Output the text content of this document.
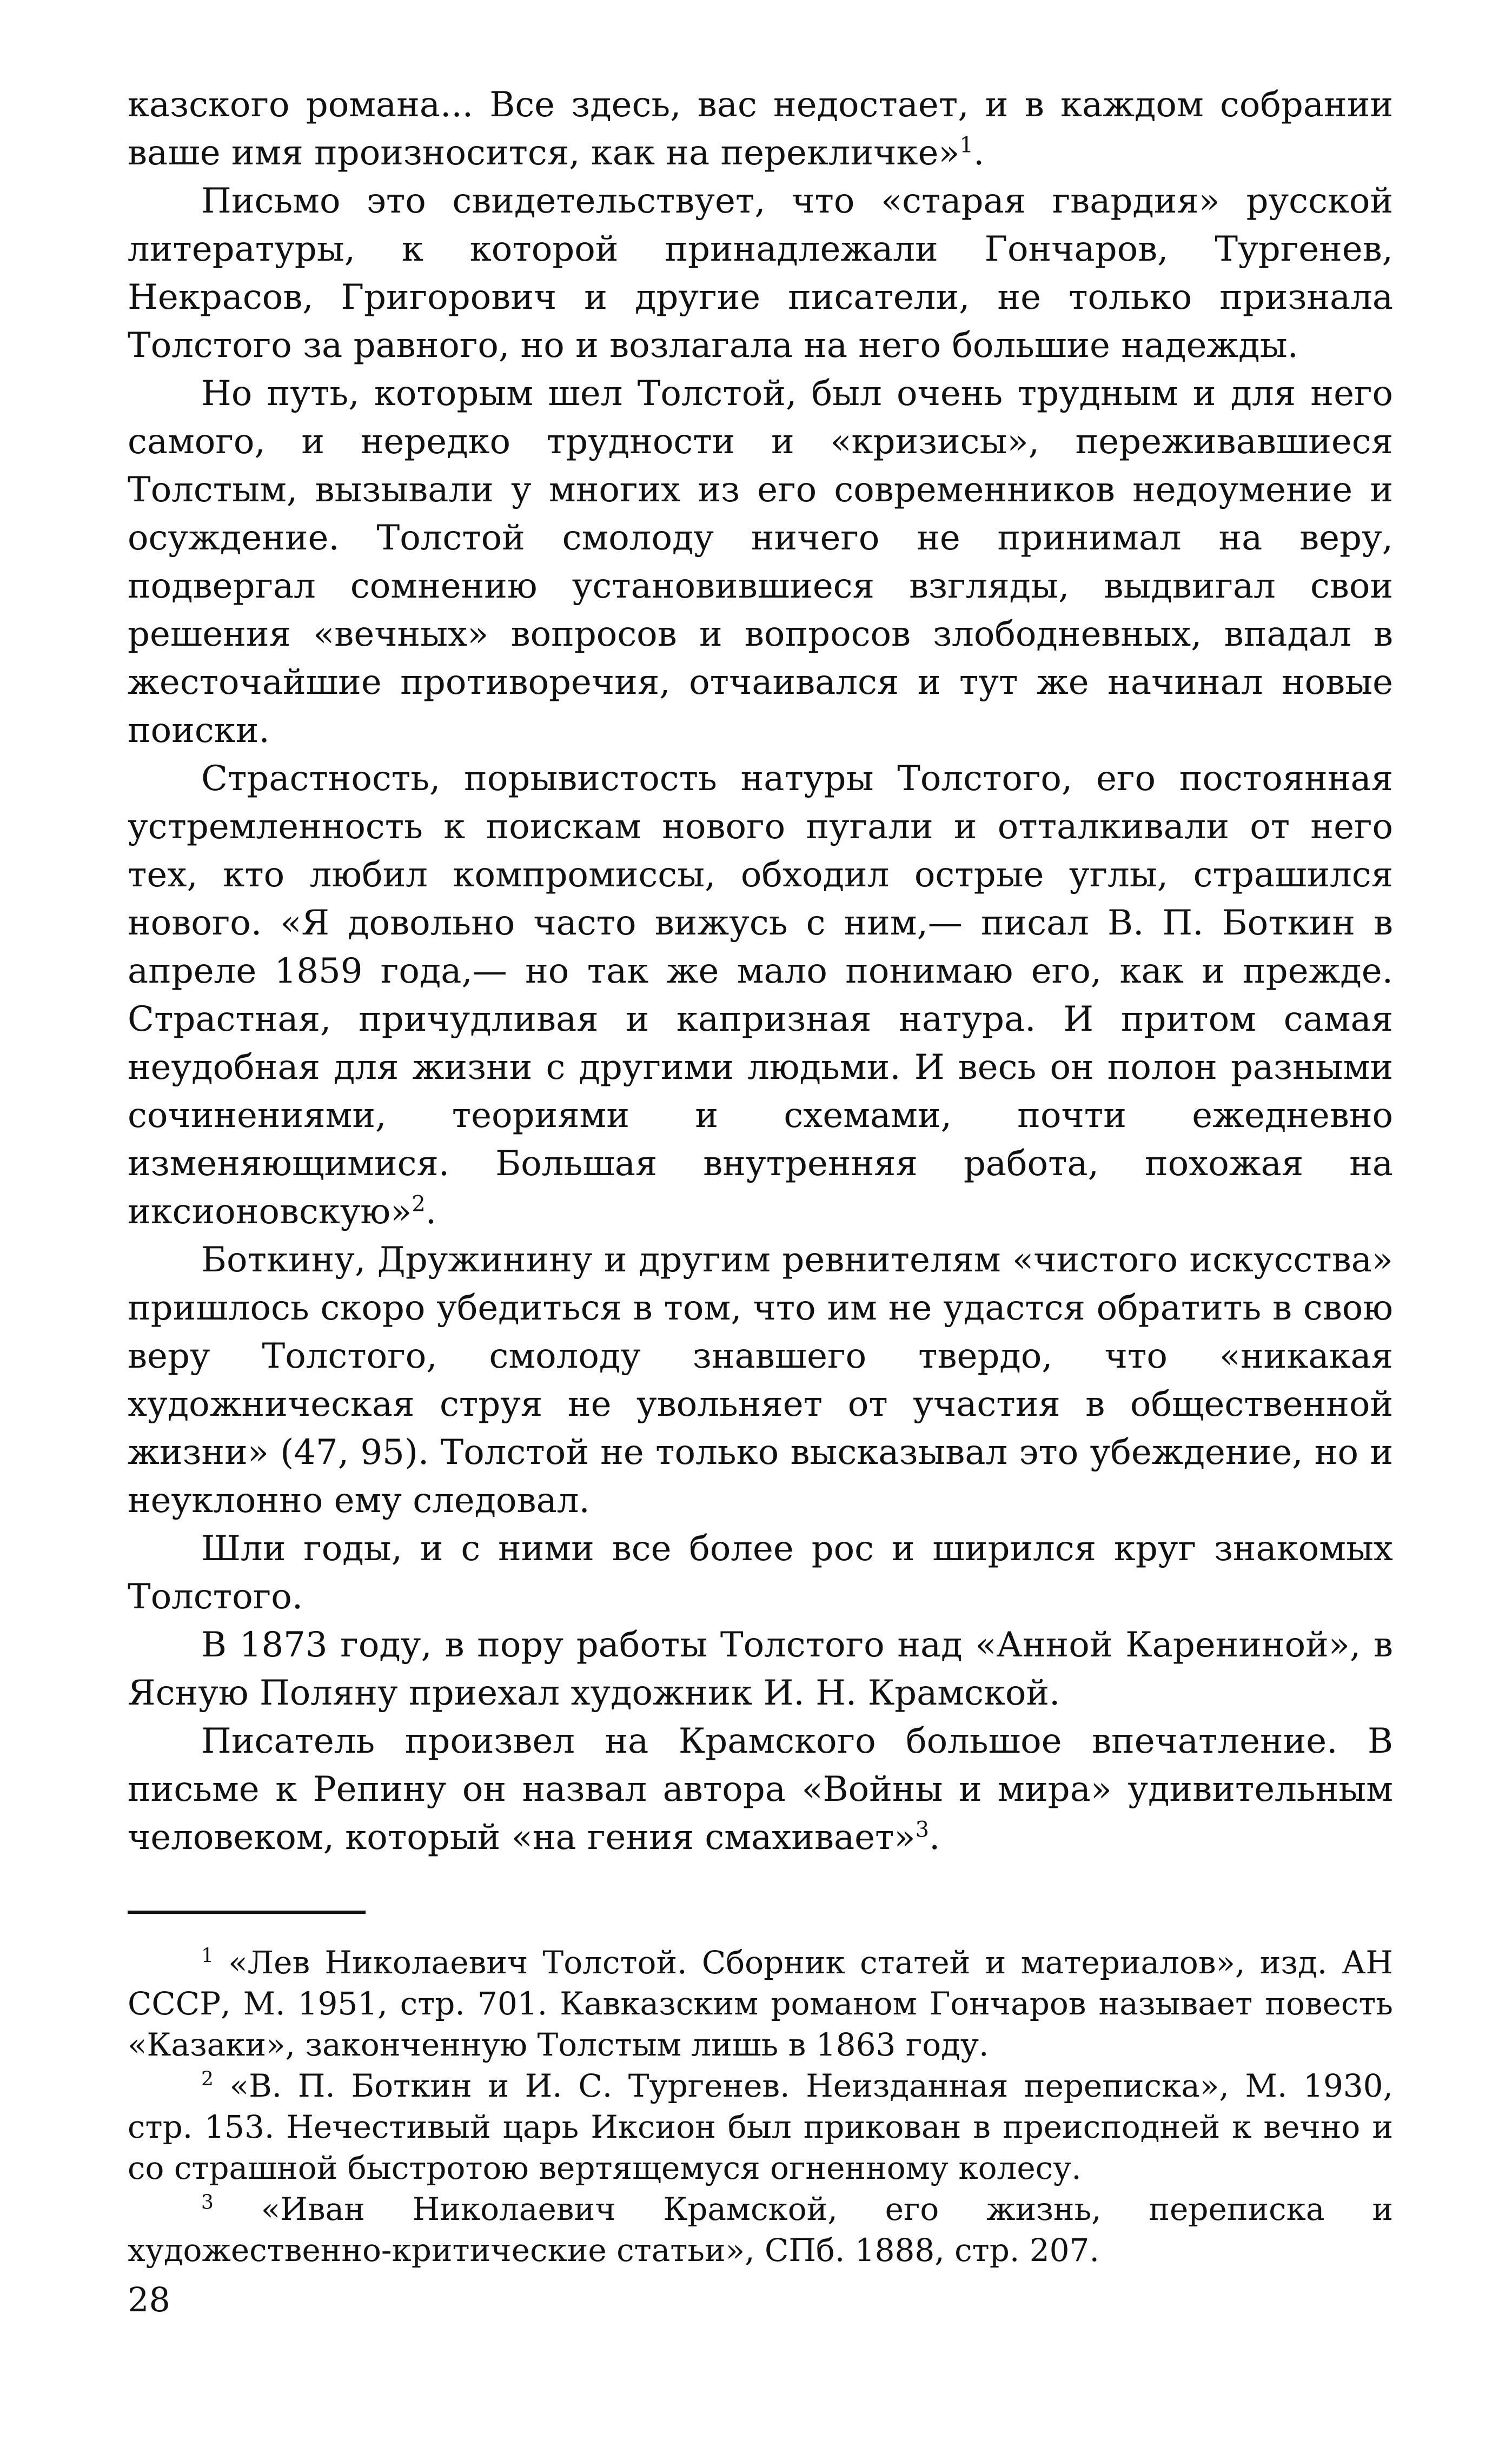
казского романа... Все здесь, вас недостает, и в каждом собрании ваше имя произносится, как на перекличке»$^1$.

Письмо это свидетельствует, что «старая гвардия» русской литературы, к которой принадлежали Гончаров, Тургенев, Некрасов, Григорович и другие писатели, не только признала Толстого за равного, но и возлагала на него большие надежды.

Но путь, которым шел Толстой, был очень трудным и для него самого, и нередко трудности и «кризисы», переживавшиеся Толстым, вызывали у многих из его современников недоумение и осуждение. Толстой смолоду ничего не принимал на веру, подвергал сомнению установившиеся взгляды, выдвигал свои решения «вечных» вопросов и вопросов злободневных, впадал в жесточайшие противоречия, отчаивался и тут же начинал новые поиски.

Страстность, порывистость натуры Толстого, его постоянная устремленность к поискам нового пугали и отталкивали от него тех, кто любил компромиссы, обходил острые углы, страшился нового. «Я довольно часто вижусь с ним,— писал В. П. Боткин в апреле 1859 года,— но так же мало понимаю его, как и прежде. Страстная, причудливая и капризная натура. И притом самая неудобная для жизни с другими людьми. И весь он полон разными сочинениями, теориями и схемами, почти ежедневно изменяющимися. Большая внутренняя работа, похожая на иксионовскую»$^2$.

Боткину, Дружинину и другим ревнителям «чистого искусства» пришлось скоро убедиться в том, что им не удастся обратить в свою веру Толстого, смолоду знавшего твердо, что «никакая художническая струя не увольняет от участия в общественной жизни» (47, 95). Толстой не только высказывал это убеждение, но и неуклонно ему следовал.

Шли годы, и с ними все более рос и ширился круг знакомых Толстого.

В 1873 году, в пору работы Толстого над «Анной Карениной», в Ясную Поляну приехал художник И. Н. Крамской.

Писатель произвел на Крамского большое впечатление. В письме к Репину он назвал автора «Войны и мира» удивительным человеком, который «на гения смахивает»$^3$.

$^1$ «Лев Николаевич Толстой. Сборник статей и материалов», изд. АН СССР, М. 1951, стр. 701. Кавказским романом Гончаров называет повесть «Казаки», законченную Толстым лишь в 1863 году.

$^2$ «В. П. Боткин и И. С. Тургенев. Неизданная переписка», М. 1930, стр. 153. Нечестивый царь Иксион был прикован в преисподней к вечно и со страшной быстротою вертящемуся огненному колесу.

$^3$ «Иван Николаевич Крамской, его жизнь, переписка и художественно-критические статьи», СПб. 1888, стр. 207.

28
